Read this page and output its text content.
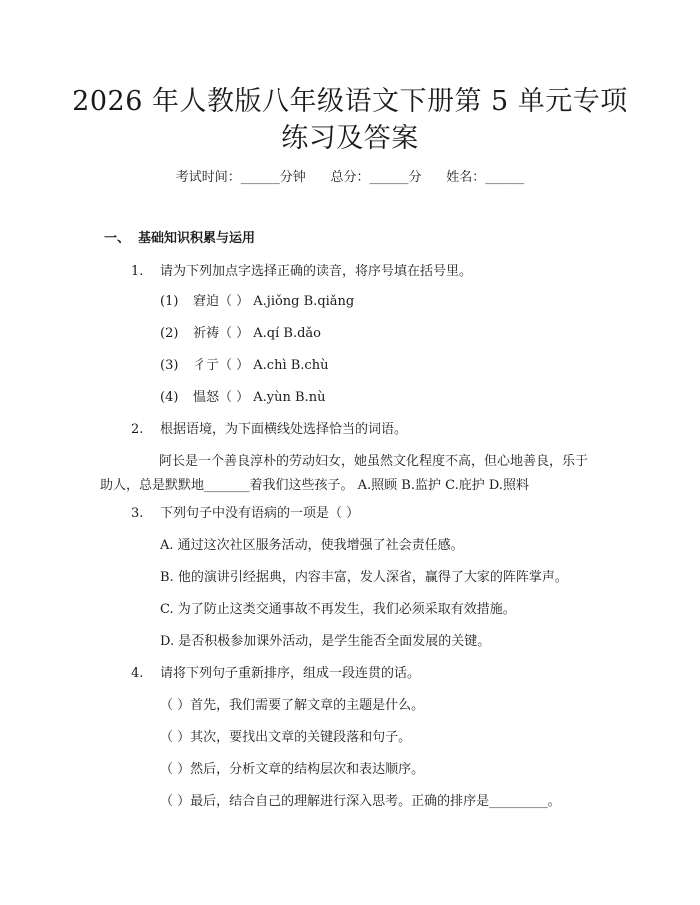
2026 年人教版八年级语文下册第 5 单元专项
练习及答案
考试时间：______分钟      总分：______分      姓名：______
一、 基础知识积累与运用
1. 请为下列加点字选择正确的读音，将序号填在括号里。
(1) 窘迫（ ） A.jiǒng B.qiǎng
(2) 祈祷（ ） A.qí B.dǎo
(3) 彳亍（ ） A.chì B.chù
(4) 愠怒（ ） A.yùn B.nù
2. 根据语境，为下面横线处选择恰当的词语。
阿长是一个善良淳朴的劳动妇女，她虽然文化程度不高，但心地善良，乐于助人，总是默默地_______着我们这些孩子。 A.照顾 B.监护 C.庇护 D.照料
3. 下列句子中没有语病的一项是（ ）
A. 通过这次社区服务活动，使我增强了社会责任感。
B. 他的演讲引经据典，内容丰富，发人深省，赢得了大家的阵阵掌声。
C. 为了防止这类交通事故不再发生，我们必须采取有效措施。
D. 是否积极参加课外活动，是学生能否全面发展的关键。
4. 请将下列句子重新排序，组成一段连贯的话。
（ ）首先，我们需要了解文章的主题是什么。
（ ）其次，要找出文章的关键段落和句子。
（ ）然后，分析文章的结构层次和表达顺序。
（ ）最后，结合自己的理解进行深入思考。正确的排序是_________。
